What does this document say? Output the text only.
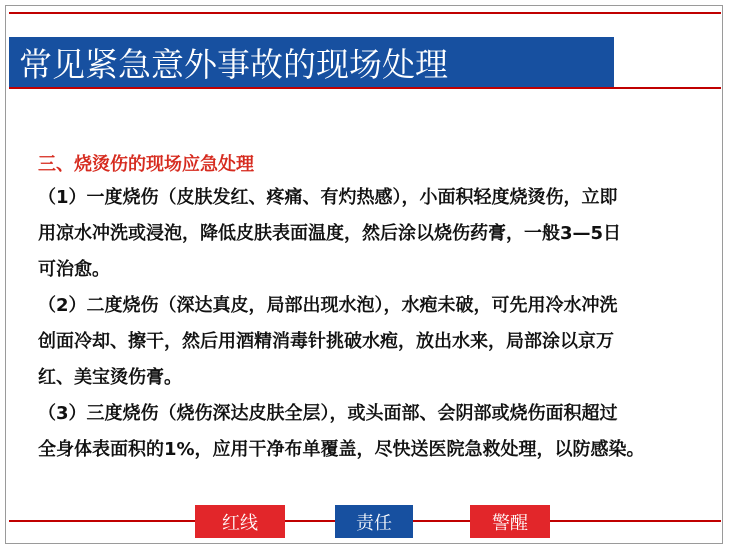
常见紧急意外事故的现场处理
三、烧烫伤的现场应急处理
（1）一度烧伤（皮肤发红、疼痛、有灼热感），小面积轻度烧烫伤，立即
用凉水冲洗或浸泡，降低皮肤表面温度，然后涂以烧伤药膏，一般3—5日
可治愈。
（2）二度烧伤（深达真皮，局部出现水泡），水疱未破，可先用冷水冲洗
创面冷却、擦干，然后用酒精消毒针挑破水疱，放出水来，局部涂以京万
红、美宝烫伤膏。
（3）三度烧伤（烧伤深达皮肤全层），或头面部、会阴部或烧伤面积超过
全身体表面积的1%，应用干净布单覆盖，尽快送医院急救处理，以防感染。
红线	责任	警醒
